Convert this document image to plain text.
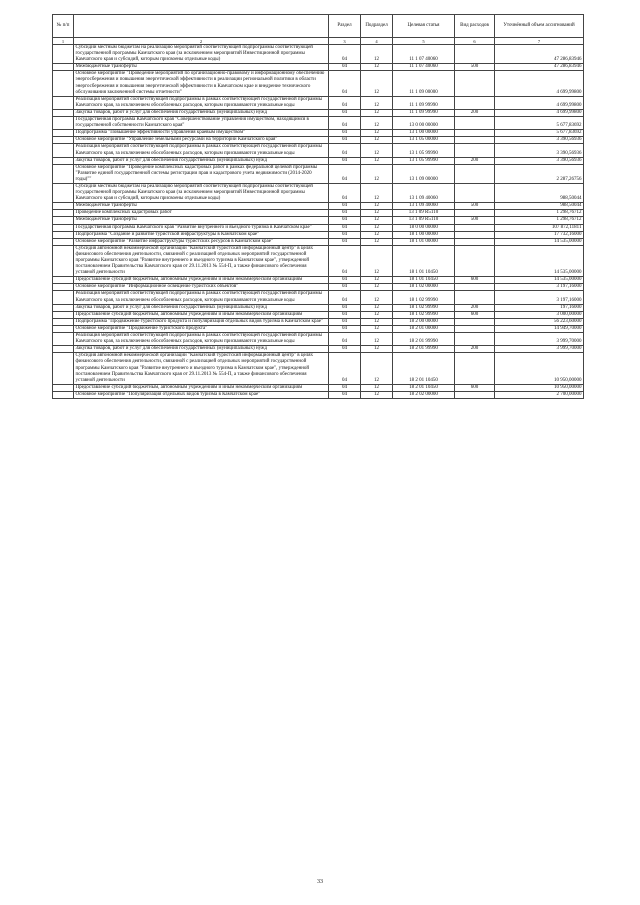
№ п/п		Раздел	Подраздел	Целевая статья	Вид расходов	Уточнённый объем ассигнований
1	2	3	4	5	6	7
	Субсидии местным бюджетам на реализацию мероприятий соответствующей подпрограммы соответствующей государственной программы Камчатского края (за исключением мероприятий Инвестиционной программы Камчатского края и субсидий, которым присвоены отдельные коды)	04	12	11 1 07 40060		47 286,83946
	Межбюджетные трансферты	04	12	11 1 07 40060	500	47 286,83946
	Основное мероприятие "Проведение мероприятий по организационно-правовому и информационному обеспечению энергосбережения и повышения энергетической эффективности в реализации региональной политики в области энергосбережения и повышения энергетической эффективности в Камчатском крае и внедрение технического обслуживания заключенной системы отчетности"	04	12	11 1 09 00000		4 699,99800
	Реализация мероприятий соответствующей подпрограммы в рамках соответствующей государственной программы Камчатского края, за исключением обособленных расходов, которым присваиваются уникальные коды	04	12	11 1 09 99990		4 699,99800
	Закупка товаров, работ и услуг для обеспечения государственных (муниципальных) нужд	04	12	11 1 09 99990	200	4 699,99800
	Государственная программа Камчатского края "Совершенствование управления имуществом, находящимся в государственной собственности Камчатского края"	04	12	13 0 00 00000		5 677,83692
	Подпрограмма "Повышение эффективности управления краевым имуществом"	04	12	13 1 00 00000		5 677,83692
	Основное мероприятие "Управление земельными ресурсами на территории Камчатского края"	04	12	13 1 05 00000		3 390,56936
	Реализация мероприятий соответствующей подпрограммы в рамках соответствующей государственной программы Камчатского края, за исключением обособленных расходов, которым присваиваются уникальные коды	04	12	13 1 05 99990		3 390,56936
	Закупка товаров, работ и услуг для обеспечения государственных (муниципальных) нужд	04	12	13 1 05 99990	200	3 390,56936
	Основное мероприятие "Проведение комплексных кадастровых работ в рамках федеральной целевой программы "Развитие единой государственной системы регистрации прав и кадастрового учета недвижимости (2014-2020 годы)""	04	12	13 1 09 00000		2 287,26756
	Субсидии местным бюджетам на реализацию мероприятий соответствующей подпрограммы соответствующей государственной программы Камчатского края (за исключением мероприятий Инвестиционной программы Камчатского края и субсидий, которым присвоены отдельные коды)	04	12	13 1 09 40060		988,50044
	Межбюджетные трансферты	04	12	13 1 09 40060	500	988,50044
	Проведение комплексных кадастровых работ	04	12	13 1 09 R5110		1 298,76712
	Межбюджетные трансферты	04	12	13 1 09 R5110	500	1 298,76712
	Государственная программа Камчатского края "Развитие внутреннего и въездного туризма в Камчатском крае"	04	12	18 0 00 00000		107 872,11811
	Подпрограмма "Создание и развитие туристской инфраструктуры в Камчатском крае"	04	12	18 1 00 00000		17 732,16000
	Основное мероприятие "Развитие инфраструктуры туристских ресурсов в Камчатском крае"	04	12	18 1 01 00000		14 535,00000
	Субсидия автономной некоммерческой организации "Камчатский туристский информационный центр" в целях финансового обеспечения деятельности, связанной с реализацией отдельных мероприятий государственной программы Камчатского края "Развитие внутреннего и въездного туризма в Камчатском крае", утвержденной постановлением Правительства Камчатского края от 29.11.2013 № 554-П, а также финансового обеспечения уставной деятельности	04	12	18 1 01 10450		14 535,00000
	Предоставление субсидий бюджетным, автономным учреждениям и иным некоммерческим организациям	04	12	18 1 01 10450	600	14 535,00000
	Основное мероприятие "Информационное освещение туристских объектов"	04	12	18 1 02 00000		3 197,16000
	Реализация мероприятий соответствующей подпрограммы в рамках соответствующей государственной программы Камчатского края, за исключением обособленных расходов, которым присваиваются уникальные коды	04	12	18 1 02 99990		3 197,16000
	Закупка товаров, работ и услуг для обеспечения государственных (муниципальных) нужд	04	12	18 1 02 99990	200	197,16000
	Предоставление субсидий бюджетным, автономным учреждениям и иным некоммерческим организациям	04	12	18 1 02 99990	600	3 000,00000
	Подпрограмма "Продвижение туристского продукта и популяризация отдельных видов туризма в Камчатском крае"	04	12	18 2 00 00000		56 223,60000
	Основное мероприятие "Продвижение туристского продукта"	04	12	18 2 01 00000		14 949,70000
	Реализация мероприятий соответствующей подпрограммы в рамках соответствующей государственной программы Камчатского края, за исключением обособленных расходов, которым присваиваются уникальные коды	04	12	18 2 01 99990		3 999,70000
	Закупка товаров, работ и услуг для обеспечения государственных (муниципальных) нужд	04	12	18 2 01 99990	200	3 999,70000
	Субсидия автономной некоммерческой организации "Камчатский туристский информационный центр" в целях финансового обеспечения деятельности, связанной с реализацией отдельных мероприятий государственной программы Камчатского края "Развитие внутреннего и въездного туризма в Камчатском крае", утвержденной постановлением Правительства Камчатского края от 29.11.2013 № 554-П, а также финансового обеспечения уставной деятельности	04	12	18 2 01 10450		10 950,00000
	Предоставление субсидий бюджетным, автономным учреждениям и иным некоммерческим организациям	04	12	18 2 01 10450	600	10 950,00000
	Основное мероприятие "Популяризация отдельных видов туризма в Камчатском крае"	04	12	18 2 02 00000		2 700,00000
33
